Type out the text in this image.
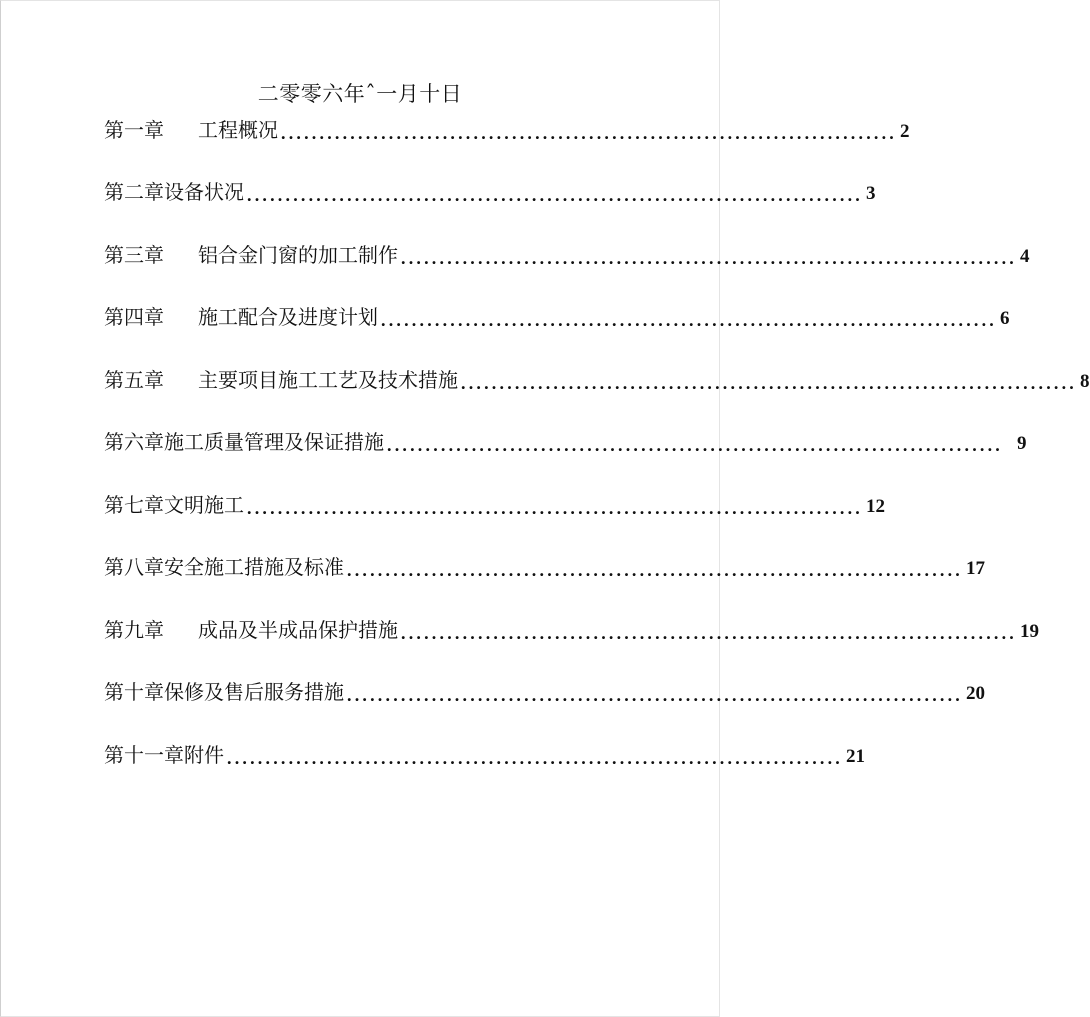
二零零六年ˆ一月十日
第一章	工程概况 ................................................................................ 2
第二章 设备状况 ................................................................................ 3
第三章	铝合金门窗的加工制作 ................................................................................ 4
第四章	施工配合及进度计划 ................................................................................ 6
第五章	主要项目施工工艺及技术措施 ................................................................................ 8
第六章 施工质量管理及保证措施 ................................................................................ 9
第七章 文明施工 ................................................................................ 12
第八章 安全施工措施及标准 ................................................................................ 17
第九章	成品及半成品保护措施 ................................................................................ 19
第十章 保修及售后服务措施 ................................................................................ 20
第十一章 附件 ................................................................................ 21
